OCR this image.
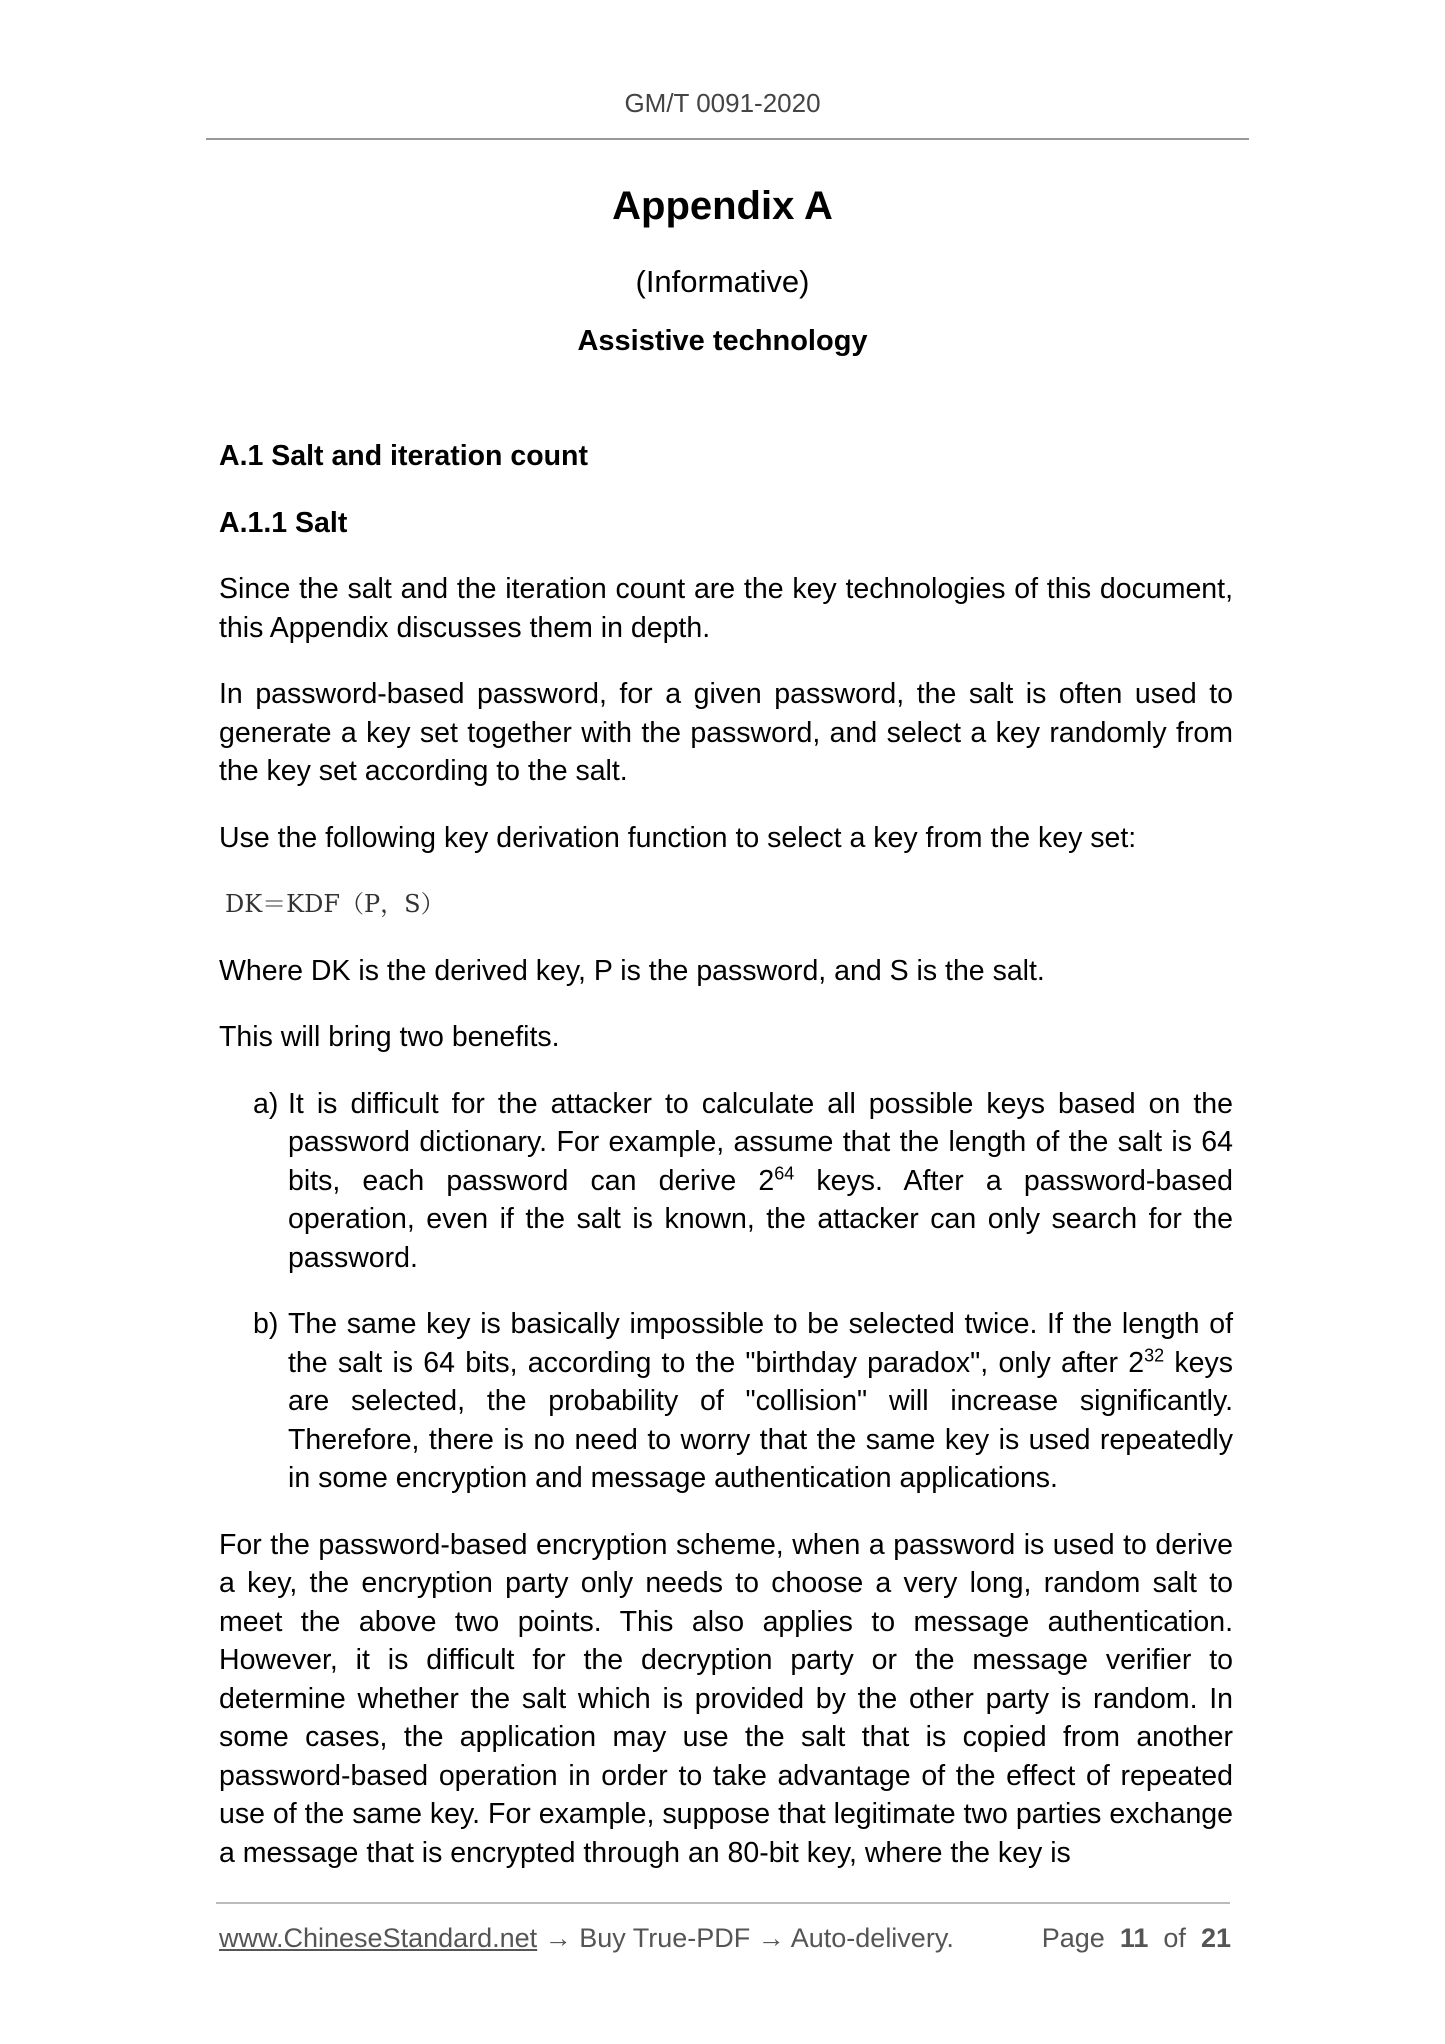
GM/T 0091-2020
Appendix A
(Informative)
Assistive technology
A.1 Salt and iteration count
A.1.1 Salt
Since the salt and the iteration count are the key technologies of this document, this Appendix discusses them in depth.
In password-based password, for a given password, the salt is often used to generate a key set together with the password, and select a key randomly from the key set according to the salt.
Use the following key derivation function to select a key from the key set:
DK＝KDF（P，S）
Where DK is the derived key, P is the password, and S is the salt.
This will bring two benefits.
a) It is difficult for the attacker to calculate all possible keys based on the password dictionary. For example, assume that the length of the salt is 64 bits, each password can derive $2^{64}$ keys. After a password-based operation, even if the salt is known, the attacker can only search for the password.
b) The same key is basically impossible to be selected twice. If the length of the salt is 64 bits, according to the "birthday paradox", only after $2^{32}$ keys are selected, the probability of "collision" will increase significantly. Therefore, there is no need to worry that the same key is used repeatedly in some encryption and message authentication applications.
For the password-based encryption scheme, when a password is used to derive a key, the encryption party only needs to choose a very long, random salt to meet the above two points. This also applies to message authentication. However, it is difficult for the decryption party or the message verifier to determine whether the salt which is provided by the other party is random. In some cases, the application may use the salt that is copied from another password-based operation in order to take advantage of the effect of repeated use of the same key. For example, suppose that legitimate two parties exchange a message that is encrypted through an 80-bit key, where the key is
www.ChineseStandard.net → Buy True-PDF → Auto-delivery.	Page 11 of 21
